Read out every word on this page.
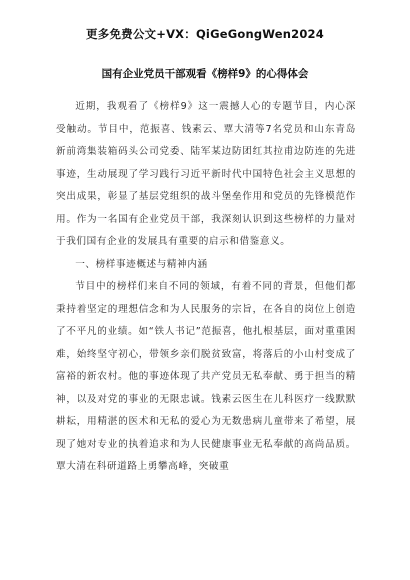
更多免费公文+VX：QiGeGongWen2024
国有企业党员干部观看《榜样9》的心得体会

近期，我观看了《榜样9》这一震撼人心的专题节目，内心深受触动。节目中，范振喜、钱素云、覃大清等7名党员和山东青岛新前湾集装箱码头公司党委、陆军某边防团红其拉甫边防连的先进事迹，生动展现了学习践行习近平新时代中国特色社会主义思想的突出成果，彰显了基层党组织的战斗堡垒作用和党员的先锋模范作用。作为一名国有企业党员干部，我深刻认识到这些榜样的力量对于我们国有企业的发展具有重要的启示和借鉴意义。

一、榜样事迹概述与精神内涵

节目中的榜样们来自不同的领域，有着不同的背景，但他们都秉持着坚定的理想信念和为人民服务的宗旨，在各自的岗位上创造了不平凡的业绩。如“铁人书记”范振喜，他扎根基层，面对重重困难，始终坚守初心，带领乡亲们脱贫致富，将落后的小山村变成了富裕的新农村。他的事迹体现了共产党员无私奉献、勇于担当的精神，以及对党的事业的无限忠诚。钱素云医生在儿科医疗一线默默耕耘，用精湛的医术和无私的爱心为无数患病儿童带来了希望，展现了她对专业的执着追求和为人民健康事业无私奉献的高尚品质。覃大清在科研道路上勇攀高峰，突破重
